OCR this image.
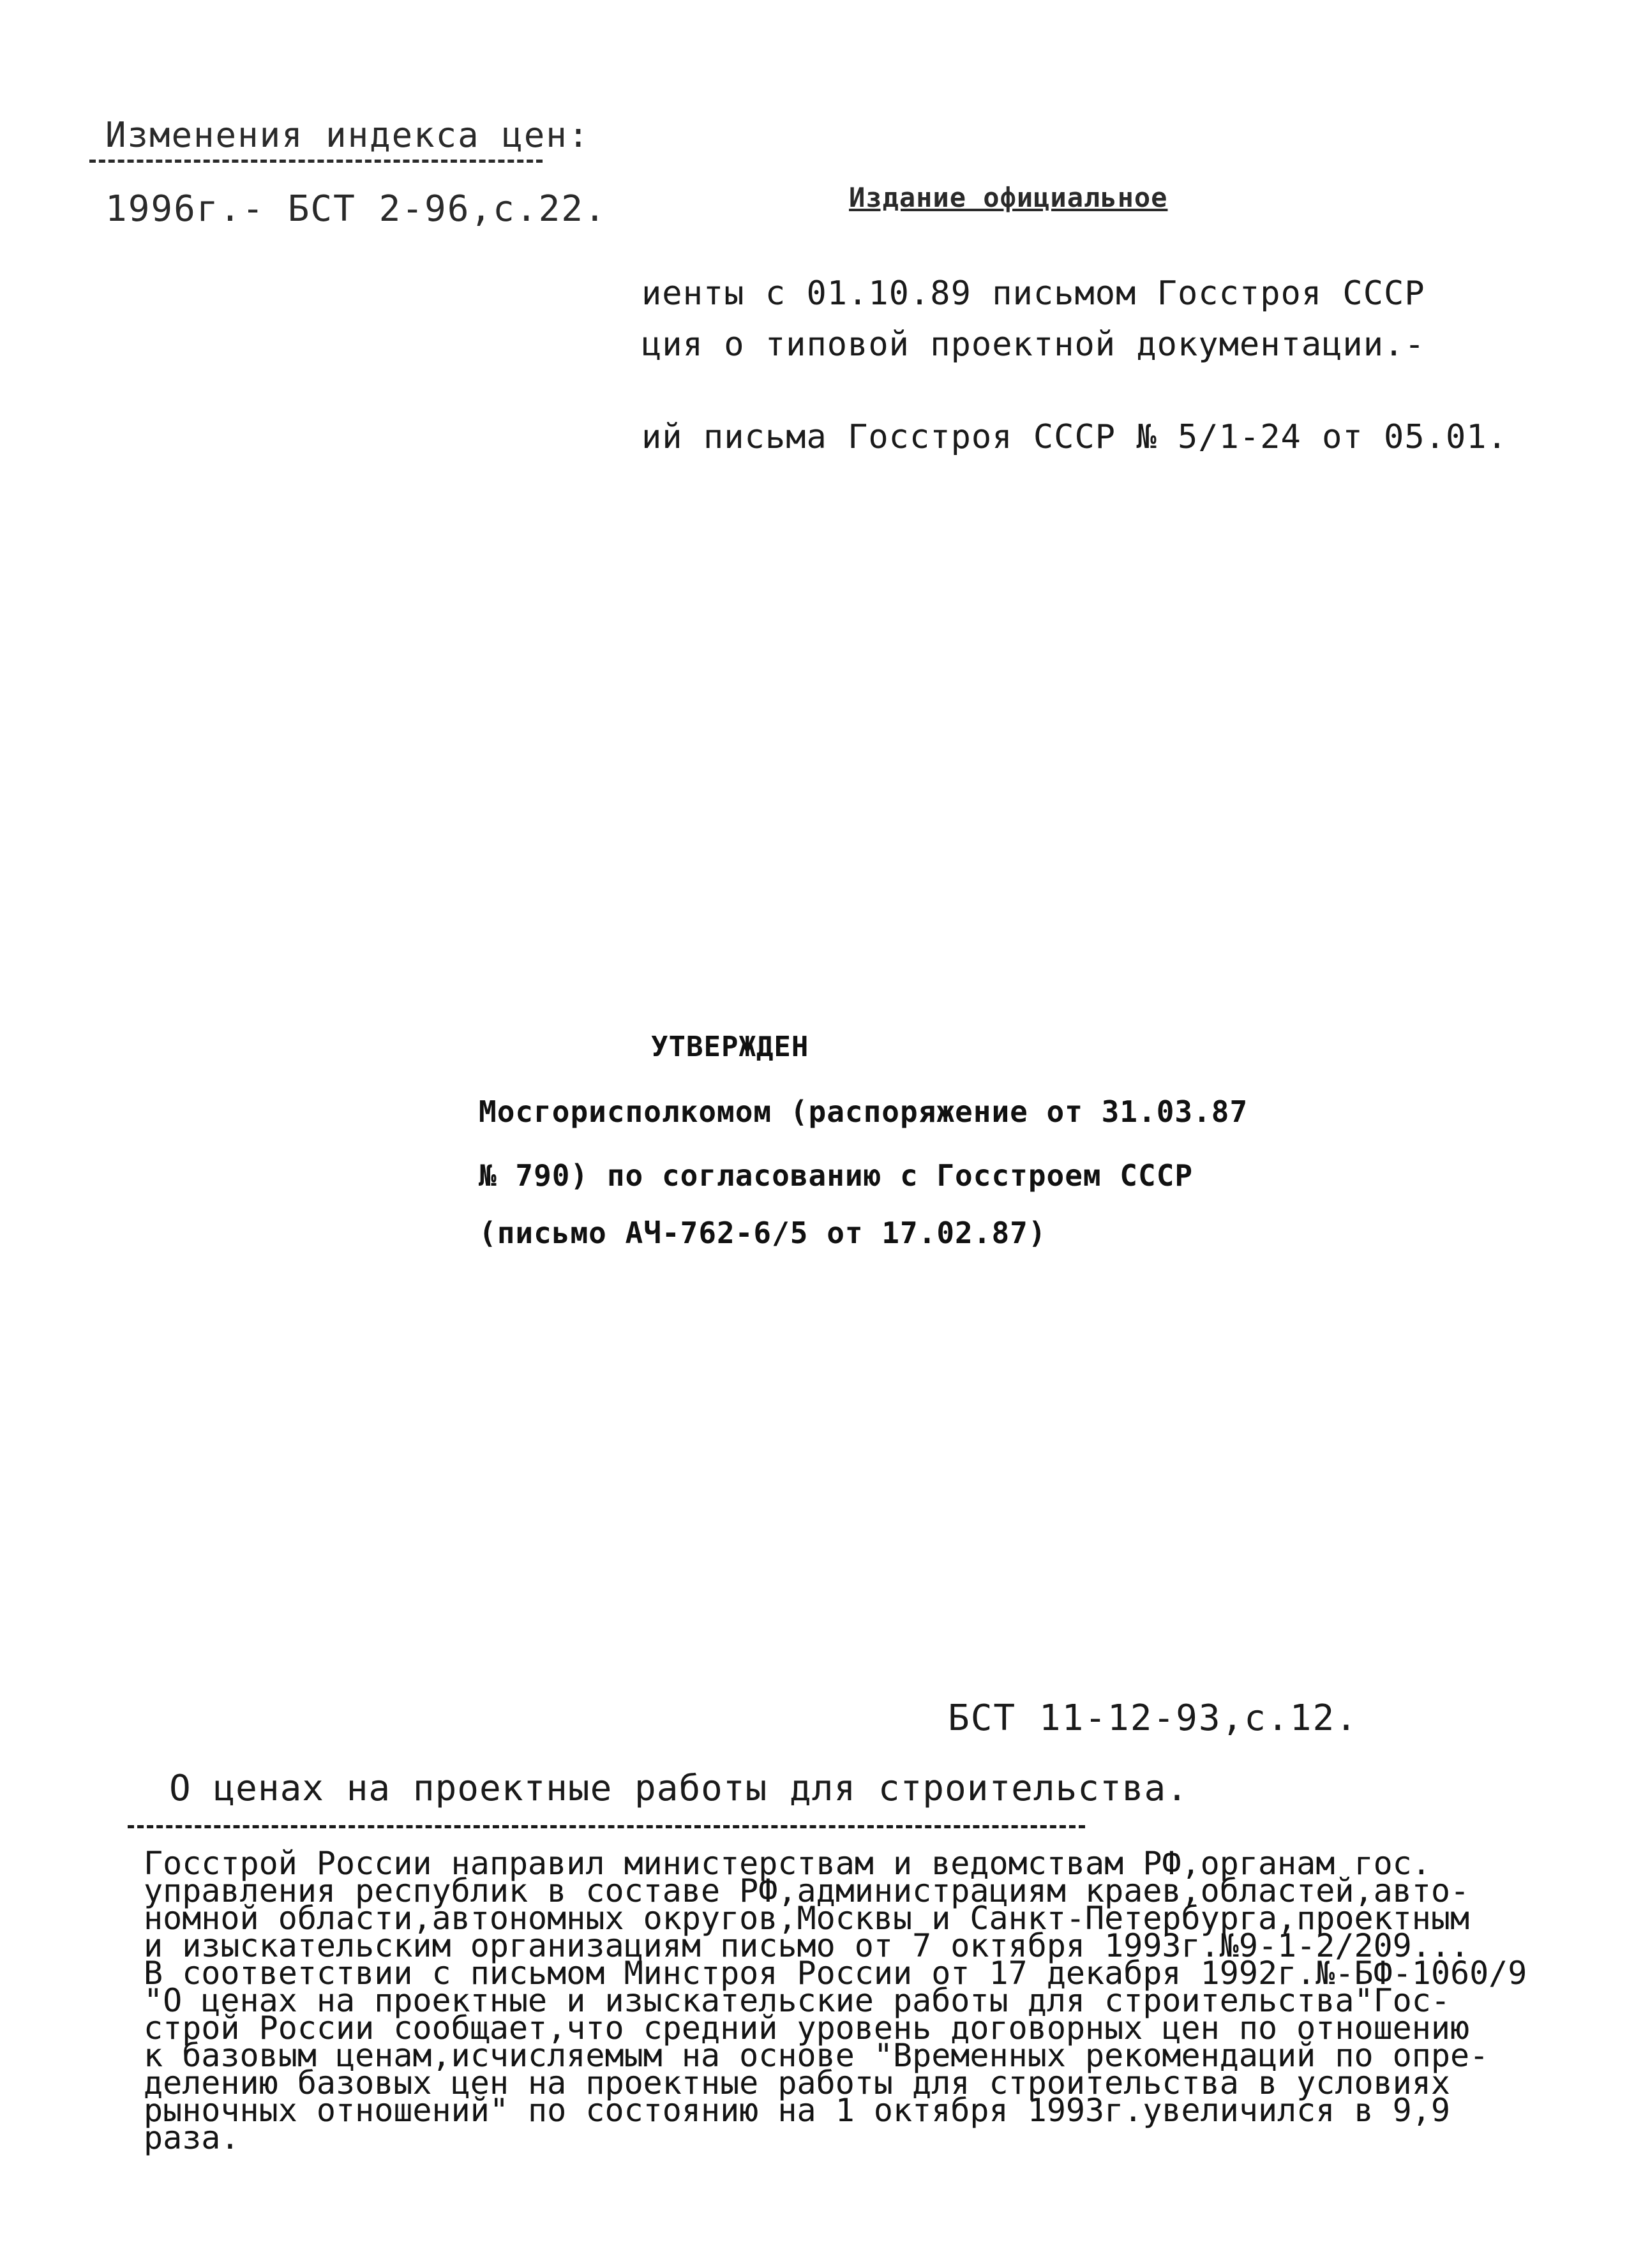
Изменения индекса цен:
1996г.- БСТ 2-96,с.22.	Издание официальное
иенты с 01.10.89 письмом Госстроя СССР
ция о типовой проектной документации.-
ий письма Госстроя СССР № 5/1-24 от 05.01.
УТВЕРЖДЕН
Мосгорисполкомом (распоряжение от 31.03.87
№ 790) по согласованию с Госстроем СССР
(письмо АЧ-762-6/5 от 17.02.87)
БСТ 11-12-93,с.12.
О ценах на проектные работы для строительства.
Госстрой России направил министерствам и ведомствам РФ,органам гос.
управления республик в составе РФ,администрациям краев,областей,авто-
номной области,автономных округов,Москвы и Санкт-Петербурга,проектным
и изыскательским организациям письмо от 7 октября 1993г.№9-1-2/209...
В соответствии с письмом Минстроя России от 17 декабря 1992г.№-БФ-1060/9
"О ценах на проектные и изыскательские работы для строительства"Гос-
строй России сообщает,что средний уровень договорных цен по отношению
к базовым ценам,исчисляемым на основе "Временных рекомендаций по опре-
делению базовых цен на проектные работы для строительства в условиях
рыночных отношений" по состоянию на 1 октября 1993г.увеличился в 9,9
раза.
